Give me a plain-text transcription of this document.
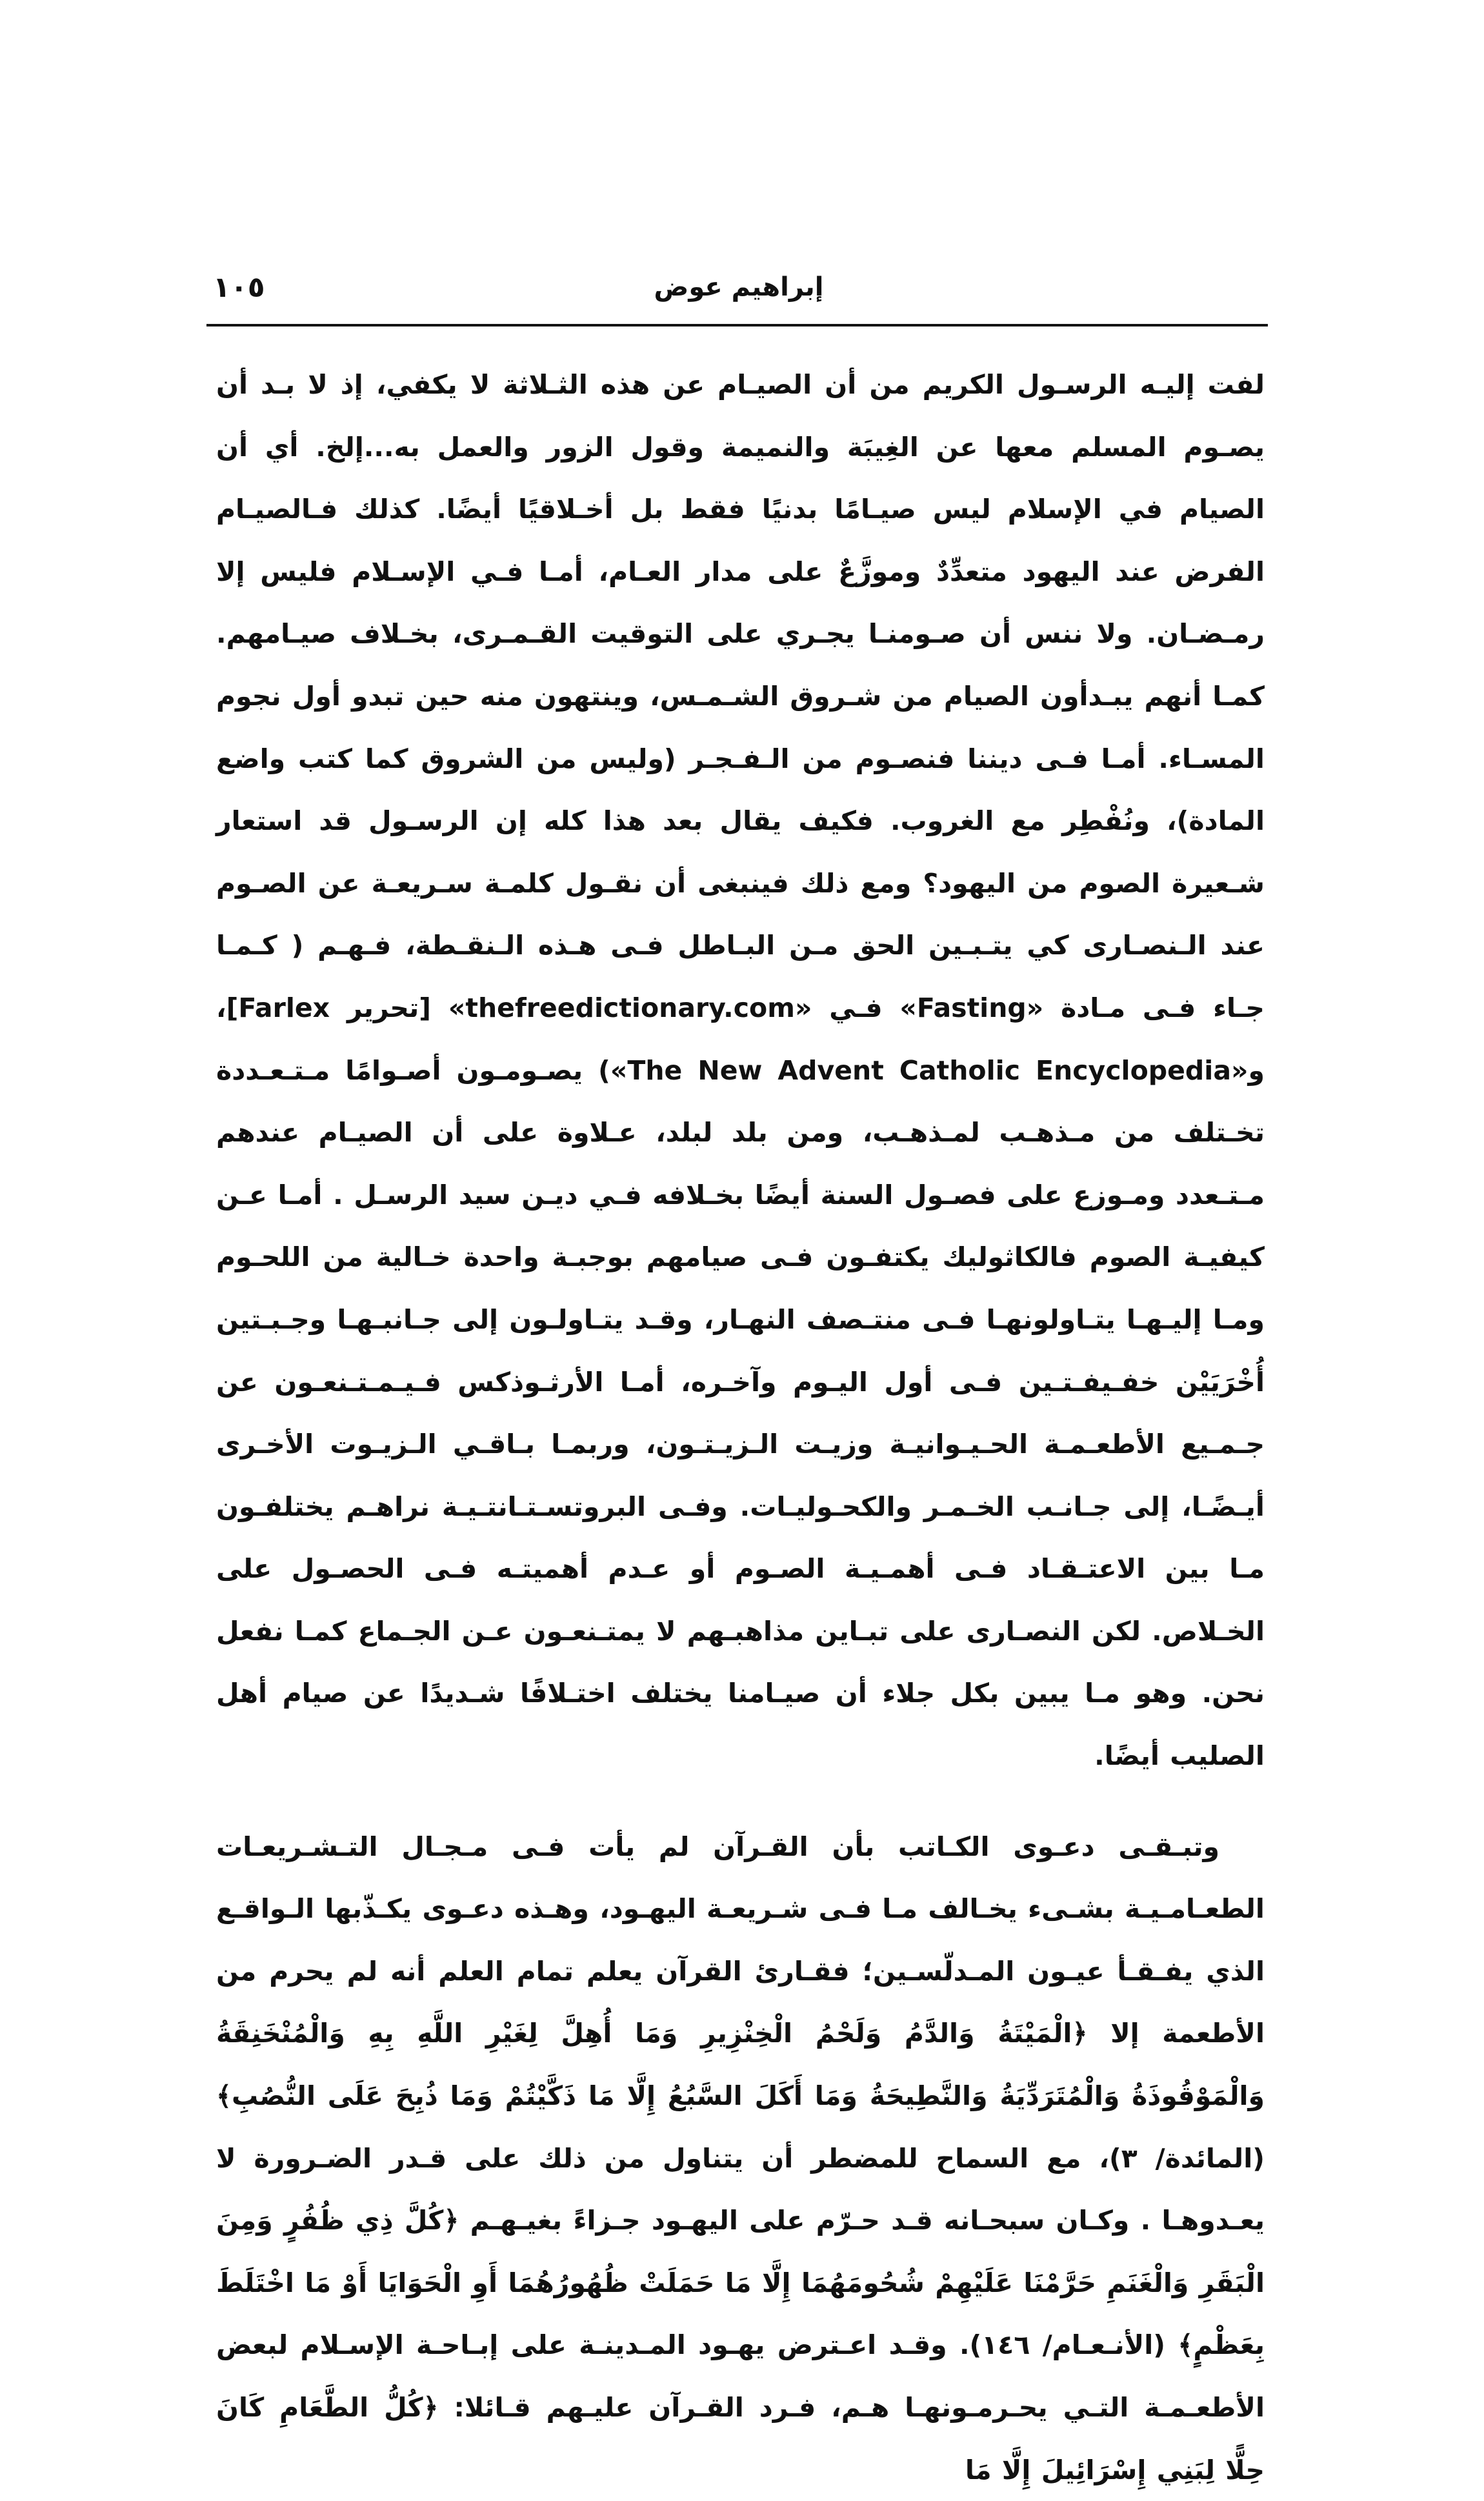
١٠٥	إبراهيم عوض

لفت إليـه الرسـول الكريم من أن الصيـام عن هذه الثـلاثة لا يكفي، إذ لا بـد أن يصـوم المسلم معها عن الغِيبَة والنميمة وقول الزور والعمل به...إلخ. أي أن الصيام في الإسلام ليس صيـامًا بدنيًا فقط بل أخـلاقيًا أيضًا. كذلك فـالصيـام الفرض عند اليهود متعدِّدٌ وموزَّعٌ على مدار العـام، أمـا فـي الإسـلام فليس إلا رمـضـان. ولا ننس أن صـومنـا يجـري على التوقيت القـمـرى، بخـلاف صيـامهم. كمـا أنهم يبـدأون الصيام من شـروق الشـمـس، وينتهون منه حين تبدو أول نجوم المسـاء. أمـا فـى ديننا فنصـوم من الـفـجـر (وليس من الشروق كما كتب واضع المادة)، ونُفْطِر مع الغروب. فكيف يقال بعد هذا كله إن الرسـول قد استعار شـعيرة الصوم من اليهود؟ ومع ذلك فينبغى أن نقـول كلمـة سـريعـة عن الصـوم عند الـنصـارى كي يتـبـين الحق مـن البـاطل فـى هـذه الـنقـطة، فـهـم ( كـمـا جـاء فـى مـادة «Fasting» فـي «thefreedictionary.com» [تحرير Farlex]، و«The New Advent Catholic Encyclopedia») يصـومـون أصـوامًا مـتـعـددة تخـتلف من مـذهـب لمـذهـب، ومن بلد لبلد، عـلاوة على أن الصيـام عندهم مـتـعدد ومـوزع على فصـول السنة أيضًا بخـلافه فـي ديـن سيد الرسـل . أمـا عـن كيفيـة الصوم فالكاثوليك يكتفـون فـى صيامهم بوجبـة واحدة خـالية من اللحـوم ومـا إليـهـا يتـاولونهـا فـى منتـصف النهـار، وقـد يتـاولـون إلى جـانبـهـا وجـبـتين أُخْرَيَيْن خفـيفـتـين فـى أول اليـوم وآخـره، أمـا الأرثـوذكس فـيـمـتـنعـون عن جـمـيع الأطعـمـة الحـيـوانيـة وزيـت الـزيـتـون، وربمـا بـاقـي الـزيـوت الأخـرى أيـضًـا، إلى جـانـب الخـمـر والكحـوليـات. وفـى البروتسـتـانتـيـة نراهـم يختلفـون مـا بين الاعتـقـاد فـى أهمـيـة الصـوم أو عـدم أهميتـه فـى الحصـول على الخـلاص. لكن النصـارى على تبـاين مذاهبـهم لا يمتـنعـون عـن الجـماع كمـا نفعل نحن. وهو مـا يبين بكل جلاء أن صيـامنا يختلف اختـلافًا شـديدًا عن صيام أهل الصليب أيضًا.

وتبـقـى دعـوى الكـاتب بأن القـرآن لم يأت فـى مـجـال التـشـريعـات الطعـامـيـة بشـىء يخـالف مـا فـى شـريعـة اليهـود، وهـذه دعـوى يكـذّبها الـواقـع الذي يفـقـأ عيـون المـدلّسـين؛ فقـارئ القرآن يعلم تمام العلم أنه لم يحرم من الأطعمة إلا ﴿الْمَيْتَةُ وَالدَّمُ وَلَحْمُ الْخِنْزِيرِ وَمَا أُهِلَّ لِغَيْرِ اللَّهِ بِهِ وَالْمُنْخَنِقَةُ وَالْمَوْقُوذَةُ وَالْمُتَرَدِّيَةُ وَالنَّطِيحَةُ وَمَا أَكَلَ السَّبُعُ إِلَّا مَا ذَكَّيْتُمْ وَمَا ذُبِحَ عَلَى النُّصُبِ﴾ (المائدة/ ٣)، مع السماح للمضطر أن يتناول من ذلك على قـدر الضـرورة لا يعـدوهـا . وكـان سبحـانه قـد حـرّم على اليهـود جـزاءً بغيـهـم ﴿كُلَّ ذِي ظُفُرٍ وَمِنَ الْبَقَرِ وَالْغَنَمِ حَرَّمْنَا عَلَيْهِمْ شُحُومَهُمَا إِلَّا مَا حَمَلَتْ ظُهُورُهُمَا أَوِ الْحَوَايَا أَوْ مَا اخْتَلَطَ بِعَظْمٍ﴾ (الأنـعـام/ ١٤٦). وقـد اعـترض يهـود المـدينـة على إبـاحـة الإسـلام لبعض الأطعـمـة التـي يحـرمـونهـا هـم، فـرد القـرآن عليـهم قـائلا: ﴿كُلُّ الطَّعَامِ كَانَ حِلًّا لِبَنِي إِسْرَائِيلَ إِلَّا مَا
